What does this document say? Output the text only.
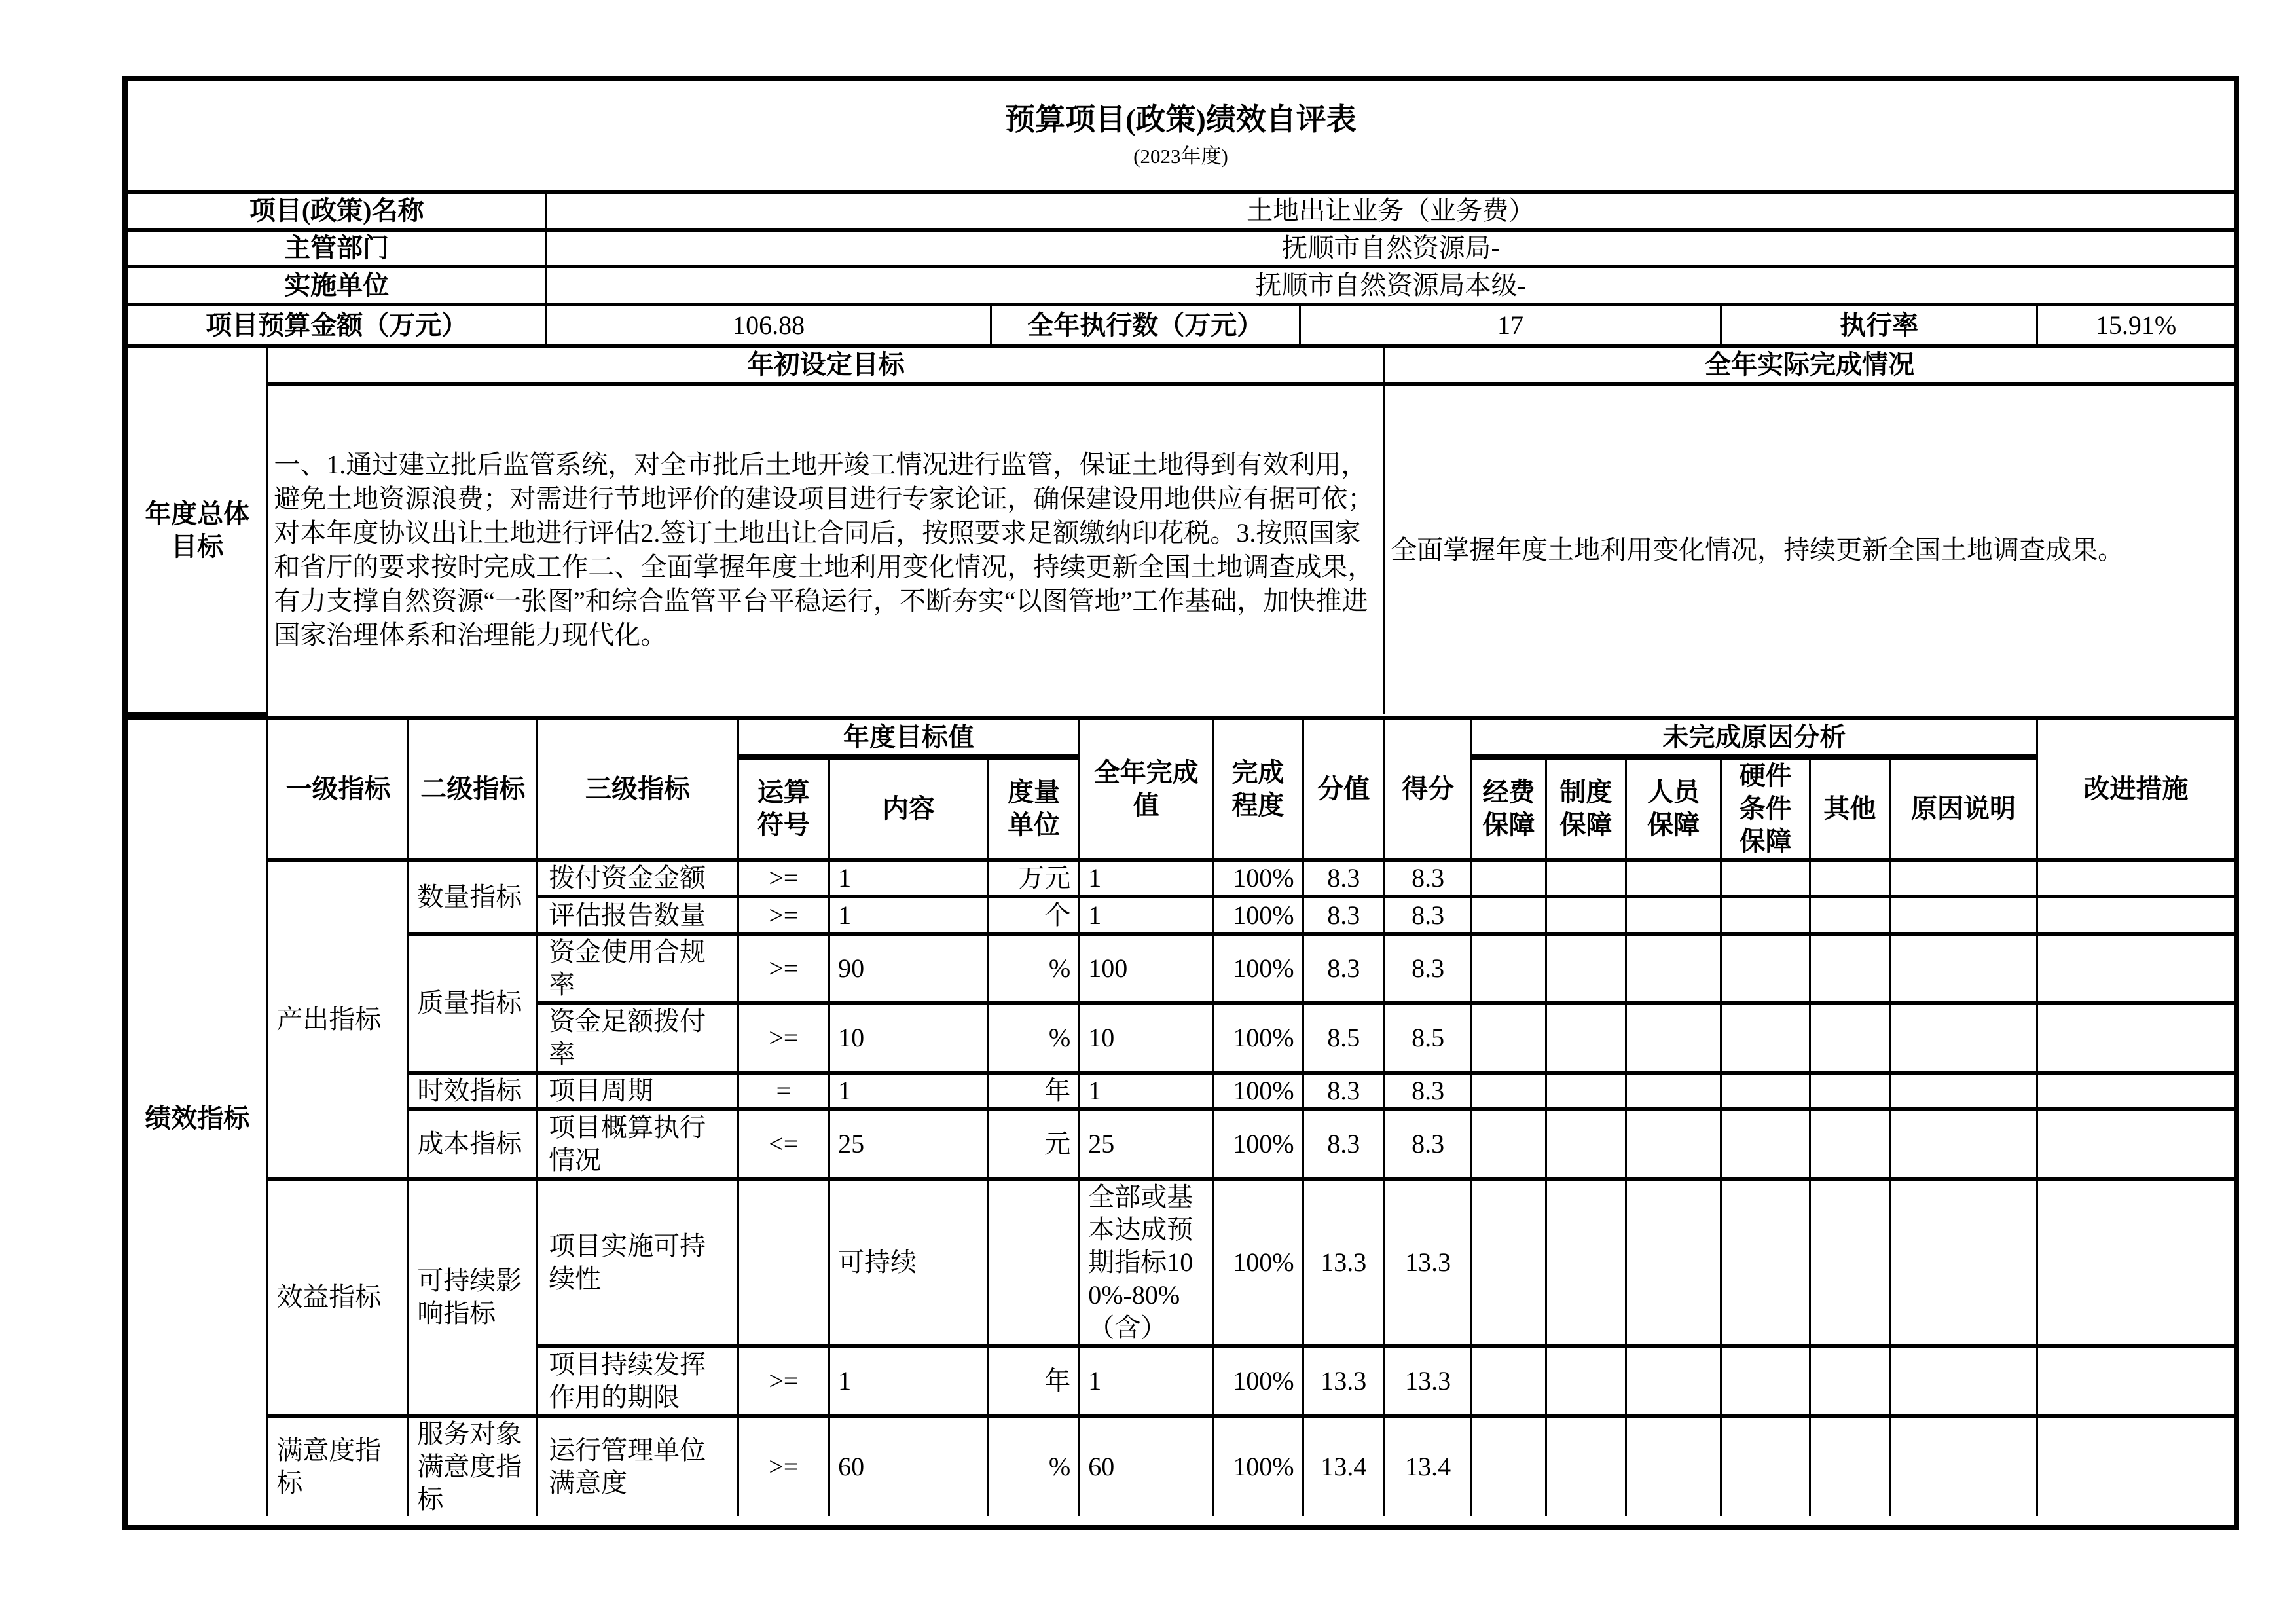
预算项目(政策)绩效自评表
(2023年度)
项目(政策)名称	土地出让业务（业务费）
主管部门	抚顺市自然资源局-
实施单位	抚顺市自然资源局本级-
项目预算金额（万元）	106.88	全年执行数（万元）	17	执行率	15.91%
年度总体目标	年初设定目标	全年实际完成情况
	一、1.通过建立批后监管系统，对全市批后土地开竣工情况进行监管，保证土地得到有效利用，避免土地资源浪费；对需进行节地评价的建设项目进行专家论证，确保建设用地供应有据可依；对本年度协议出让土地进行评估2.签订土地出让合同后，按照要求足额缴纳印花税。3.按照国家和省厅的要求按时完成工作二、全面掌握年度土地利用变化情况，持续更新全国土地调查成果，有力支撑自然资源“一张图”和综合监管平台平稳运行，不断夯实“以图管地”工作基础，加快推进国家治理体系和治理能力现代化。	全面掌握年度土地利用变化情况，持续更新全国土地调查成果。
绩效指标	一级指标	二级指标	三级指标	年度目标值			全年完成值	完成程度	分值	得分	未完成原因分析						改进措施
				运算符号	内容	度量单位					经费保障	制度保障	人员保障	硬件条件保障	其他	原因说明	
	产出指标	数量指标	拨付资金金额	>=	1	万元	1	100%	8.3	8.3							
			评估报告数量	>=	1	个	1	100%	8.3	8.3							
		质量指标	资金使用合规率	>=	90	%	100	100%	8.3	8.3							
			资金足额拨付率	>=	10	%	10	100%	8.5	8.5							
		时效指标	项目周期	=	1	年	1	100%	8.3	8.3							
		成本指标	项目概算执行情况	<=	25	元	25	100%	8.3	8.3							
	效益指标	可持续影响指标	项目实施可持续性		可持续		全部或基本达成预期指标100%-80%（含）	100%	13.3	13.3							
			项目持续发挥作用的期限	>=	1	年	1	100%	13.3	13.3							
	满意度指标	服务对象满意度指标	运行管理单位满意度	>=	60	%	60	100%	13.4	13.4							
